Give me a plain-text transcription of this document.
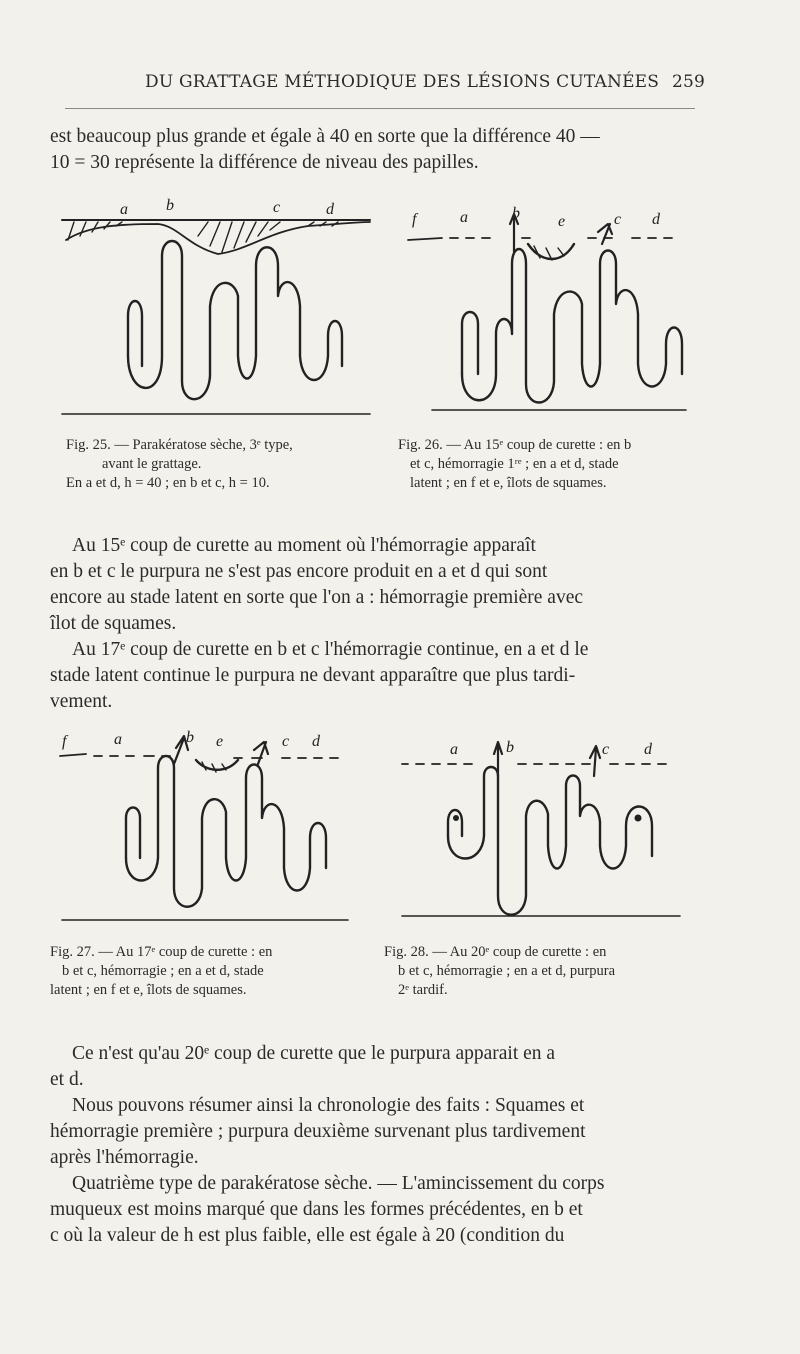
DU GRATTAGE MÉTHODIQUE DES LÉSIONS CUTANÉES 259
est beaucoup plus grande et égale à 40 en sorte que la différence 40 —
10 = 30 représente la différence de niveau des papilles.
a b	c	d
Fig. 25. — Parakératose sèche, 3ᵉ type,
avant le grattage.
En a et d, h = 40 ; en b et c, h = 10.
f	a	b e	c d
Fig. 26. — Au 15ᵉ coup de curette : en b
et c, hémorragie 1ʳᵉ ; en a et d, stade
latent ; en f et e, îlots de squames.
Au 15ᵉ coup de curette au moment où l'hémorragie apparaît
en b et c le purpura ne s'est pas encore produit en a et d qui sont
encore au stade latent en sorte que l'on a : hémorragie première avec
îlot de squames.
Au 17ᵉ coup de curette en b et c l'hémorragie continue, en a et d le
stade latent continue le purpura ne devant apparaître que plus tardi-
vement.
f	a	b e	c d
Fig. 27. — Au 17ᵉ coup de curette : en
b et c, hémorragie ; en a et d, stade
latent ; en f et e, îlots de squames.
a	b	c d
Fig. 28. — Au 20ᵉ coup de curette : en
b et c, hémorragie ; en a et d, purpura
2ᵉ tardif.
Ce n'est qu'au 20ᵉ coup de curette que le purpura apparait en a
et d.
Nous pouvons résumer ainsi la chronologie des faits : Squames et
hémorragie première ; purpura deuxième survenant plus tardivement
après l'hémorragie.
Quatrième type de parakératose sèche. — L'amincissement du corps
muqueux est moins marqué que dans les formes précédentes, en b et
c où la valeur de h est plus faible, elle est égale à 20 (condition du
